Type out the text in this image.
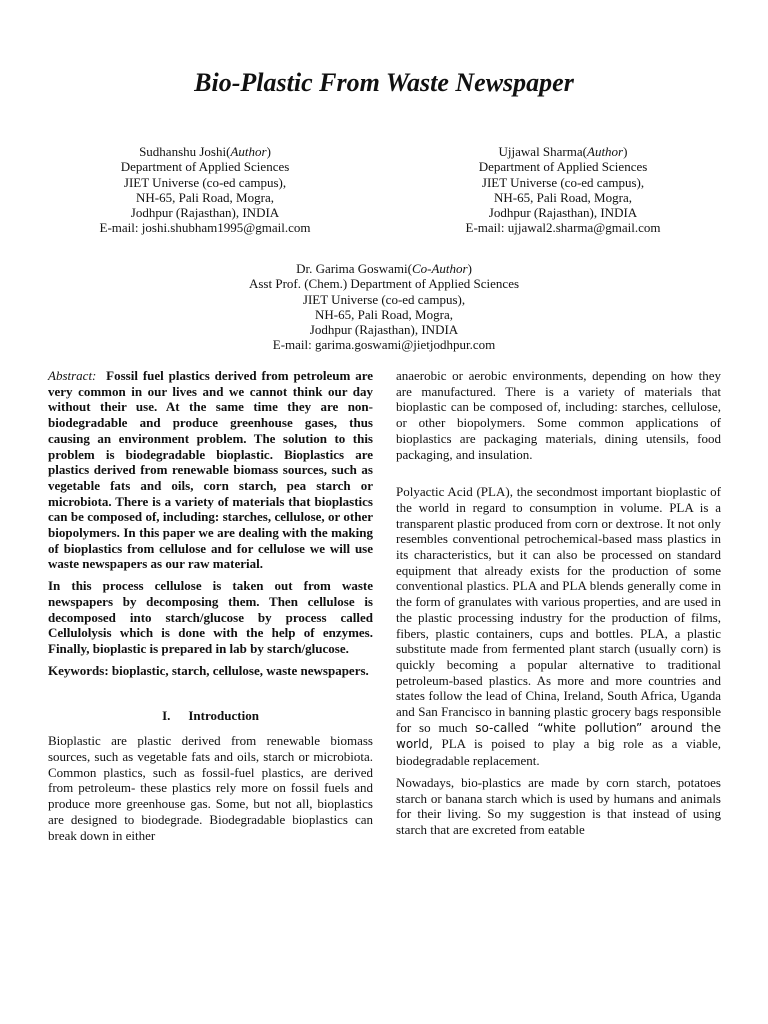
Bio-Plastic From Waste Newspaper
Sudhanshu Joshi(Author)
Department of Applied Sciences
JIET Universe (co-ed campus),
NH-65, Pali Road, Mogra,
Jodhpur (Rajasthan), INDIA
E-mail: joshi.shubham1995@gmail.com
Ujjawal Sharma(Author)
Department of Applied Sciences
JIET Universe (co-ed campus),
NH-65, Pali Road, Mogra,
Jodhpur (Rajasthan), INDIA
E-mail: ujjawal2.sharma@gmail.com
Dr. Garima Goswami(Co-Author)
Asst Prof. (Chem.) Department of Applied Sciences
JIET Universe (co-ed campus),
NH-65, Pali Road, Mogra,
Jodhpur (Rajasthan), INDIA
E-mail: garima.goswami@jietjodhpur.com

Abstract: Fossil fuel plastics derived from petroleum are very common in our lives and we cannot think our day without their use. At the same time they are non-biodegradable and produce greenhouse gases, thus causing an environment problem. The solution to this problem is biodegradable bioplastic. Bioplastics are plastics derived from renewable biomass sources, such as vegetable fats and oils, corn starch, pea starch or microbiota. There is a variety of materials that bioplastics can be composed of, including: starches, cellulose, or other biopolymers. In this paper we are dealing with the making of bioplastics from cellulose and for cellulose we will use waste newspapers as our raw material.

In this process cellulose is taken out from waste newspapers by decomposing them. Then cellulose is decomposed into starch/glucose by process called Cellulolysis which is done with the help of enzymes. Finally, bioplastic is prepared in lab by starch/glucose.

Keywords: bioplastic, starch, cellulose, waste newspapers.

I. Introduction

Bioplastic are plastic derived from renewable biomass sources, such as vegetable fats and oils, starch or microbiota. Common plastics, such as fossil-fuel plastics, are derived from petroleum- these plastics rely more on fossil fuels and produce more greenhouse gas. Some, but not all, bioplastics are designed to biodegrade. Biodegradable bioplastics can break down in either

anaerobic or aerobic environments, depending on how they are manufactured. There is a variety of materials that bioplastic can be composed of, including: starches, cellulose, or other biopolymers. Some common applications of bioplastics are packaging materials, dining utensils, food packaging, and insulation.

Polyactic Acid (PLA), the secondmost important bioplastic of the world in regard to consumption in volume. PLA is a transparent plastic produced from corn or dextrose. It not only resembles conventional petrochemical-based mass plastics in its characteristics, but it can also be processed on standard equipment that already exists for the production of some conventional plastics. PLA and PLA blends generally come in the form of granulates with various properties, and are used in the plastic processing industry for the production of films, fibers, plastic containers, cups and bottles. PLA, a plastic substitute made from fermented plant starch (usually corn) is quickly becoming a popular alternative to traditional petroleum-based plastics. As more and more countries and states follow the lead of China, Ireland, South Africa, Uganda and San Francisco in banning plastic grocery bags responsible for so much so-called “white pollution” around the world, PLA is poised to play a big role as a viable, biodegradable replacement.

Nowadays, bio-plastics are made by corn starch, potatoes starch or banana starch which is used by humans and animals for their living. So my suggestion is that instead of using starch that are excreted from eatable
